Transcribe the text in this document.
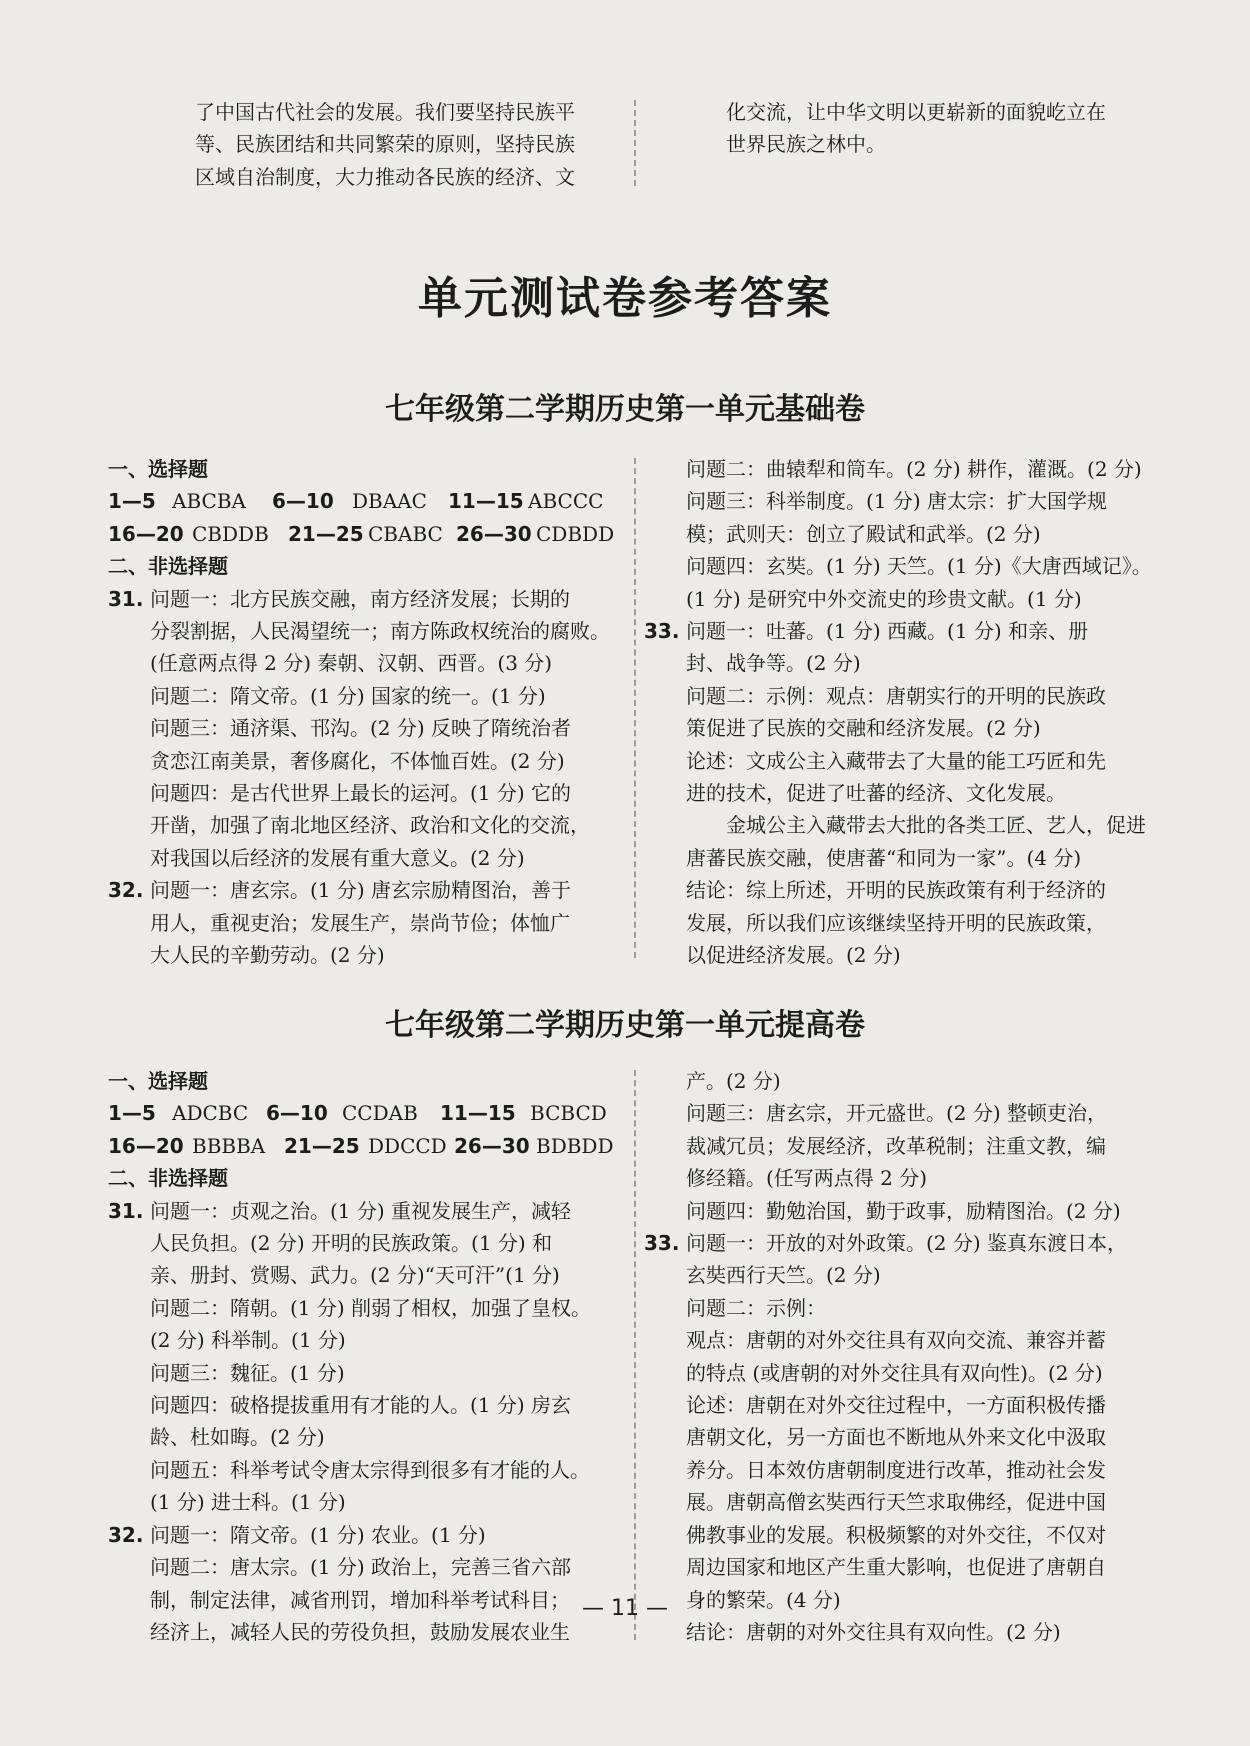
了中国古代社会的发展。我们要坚持民族平

等、民族团结和共同繁荣的原则，坚持民族

区域自治制度，大力推动各民族的经济、文

化交流，让中华文明以更崭新的面貌屹立在

世界民族之林中。

单元测试卷参考答案
七年级第二学期历史第一单元基础卷

一、选择题

1—5 ABCBA 6—10 DBAAC 11—15 ABCCC

16—20 CBDDB 21—25 CBABC 26—30 CDBDD

二、非选择题

31. 问题一：北方民族交融，南方经济发展；长期的

分裂割据，人民渴望统一；南方陈政权统治的腐败。

(任意两点得 2 分) 秦朝、汉朝、西晋。(3 分)

问题二：隋文帝。(1 分) 国家的统一。(1 分)

问题三：通济渠、邗沟。(2 分) 反映了隋统治者

贪恋江南美景，奢侈腐化，不体恤百姓。(2 分)

问题四：是古代世界上最长的运河。(1 分) 它的

开凿，加强了南北地区经济、政治和文化的交流，

对我国以后经济的发展有重大意义。(2 分)

32. 问题一：唐玄宗。(1 分) 唐玄宗励精图治，善于

用人，重视吏治；发展生产，崇尚节俭；体恤广

大人民的辛勤劳动。(2 分)

问题二：曲辕犁和筒车。(2 分) 耕作，灌溉。(2 分)

问题三：科举制度。(1 分) 唐太宗：扩大国学规

模；武则天：创立了殿试和武举。(2 分)

问题四：玄奘。(1 分) 天竺。(1 分)《大唐西域记》。

(1 分) 是研究中外交流史的珍贵文献。(1 分)

33. 问题一：吐蕃。(1 分) 西藏。(1 分) 和亲、册

封、战争等。(2 分)

问题二：示例：观点：唐朝实行的开明的民族政

策促进了民族的交融和经济发展。(2 分)

论述：文成公主入藏带去了大量的能工巧匠和先

进的技术，促进了吐蕃的经济、文化发展。

金城公主入藏带去大批的各类工匠、艺人，促进

唐蕃民族交融，使唐蕃“和同为一家”。(4 分)

结论：综上所述，开明的民族政策有利于经济的

发展，所以我们应该继续坚持开明的民族政策，

以促进经济发展。(2 分)

七年级第二学期历史第一单元提高卷

一、选择题

1—5 ADCBC 6—10 CCDAB 11—15 BCBCD

16—20 BBBBA 21—25 DDCCD 26—30 BDBDD

二、非选择题

31. 问题一：贞观之治。(1 分) 重视发展生产，减轻

人民负担。(2 分) 开明的民族政策。(1 分) 和

亲、册封、赏赐、武力。(2 分)“天可汗”(1 分)

问题二：隋朝。(1 分) 削弱了相权，加强了皇权。

(2 分) 科举制。(1 分)

问题三：魏征。(1 分)

问题四：破格提拔重用有才能的人。(1 分) 房玄

龄、杜如晦。(2 分)

问题五：科举考试令唐太宗得到很多有才能的人。

(1 分) 进士科。(1 分)

32. 问题一：隋文帝。(1 分) 农业。(1 分)

问题二：唐太宗。(1 分) 政治上，完善三省六部

制，制定法律，减省刑罚，增加科举考试科目；

经济上，减轻人民的劳役负担，鼓励发展农业生

产。(2 分)

问题三：唐玄宗，开元盛世。(2 分) 整顿吏治，

裁减冗员；发展经济，改革税制；注重文教，编

修经籍。(任写两点得 2 分)

问题四：勤勉治国，勤于政事，励精图治。(2 分)

33. 问题一：开放的对外政策。(2 分) 鉴真东渡日本，

玄奘西行天竺。(2 分)

问题二：示例：

观点：唐朝的对外交往具有双向交流、兼容并蓄

的特点 (或唐朝的对外交往具有双向性)。(2 分)

论述：唐朝在对外交往过程中，一方面积极传播

唐朝文化，另一方面也不断地从外来文化中汲取

养分。日本效仿唐朝制度进行改革，推动社会发

展。唐朝高僧玄奘西行天竺求取佛经，促进中国

佛教事业的发展。积极频繁的对外交往，不仅对

周边国家和地区产生重大影响，也促进了唐朝自

身的繁荣。(4 分)

结论：唐朝的对外交往具有双向性。(2 分)

— 11 —
